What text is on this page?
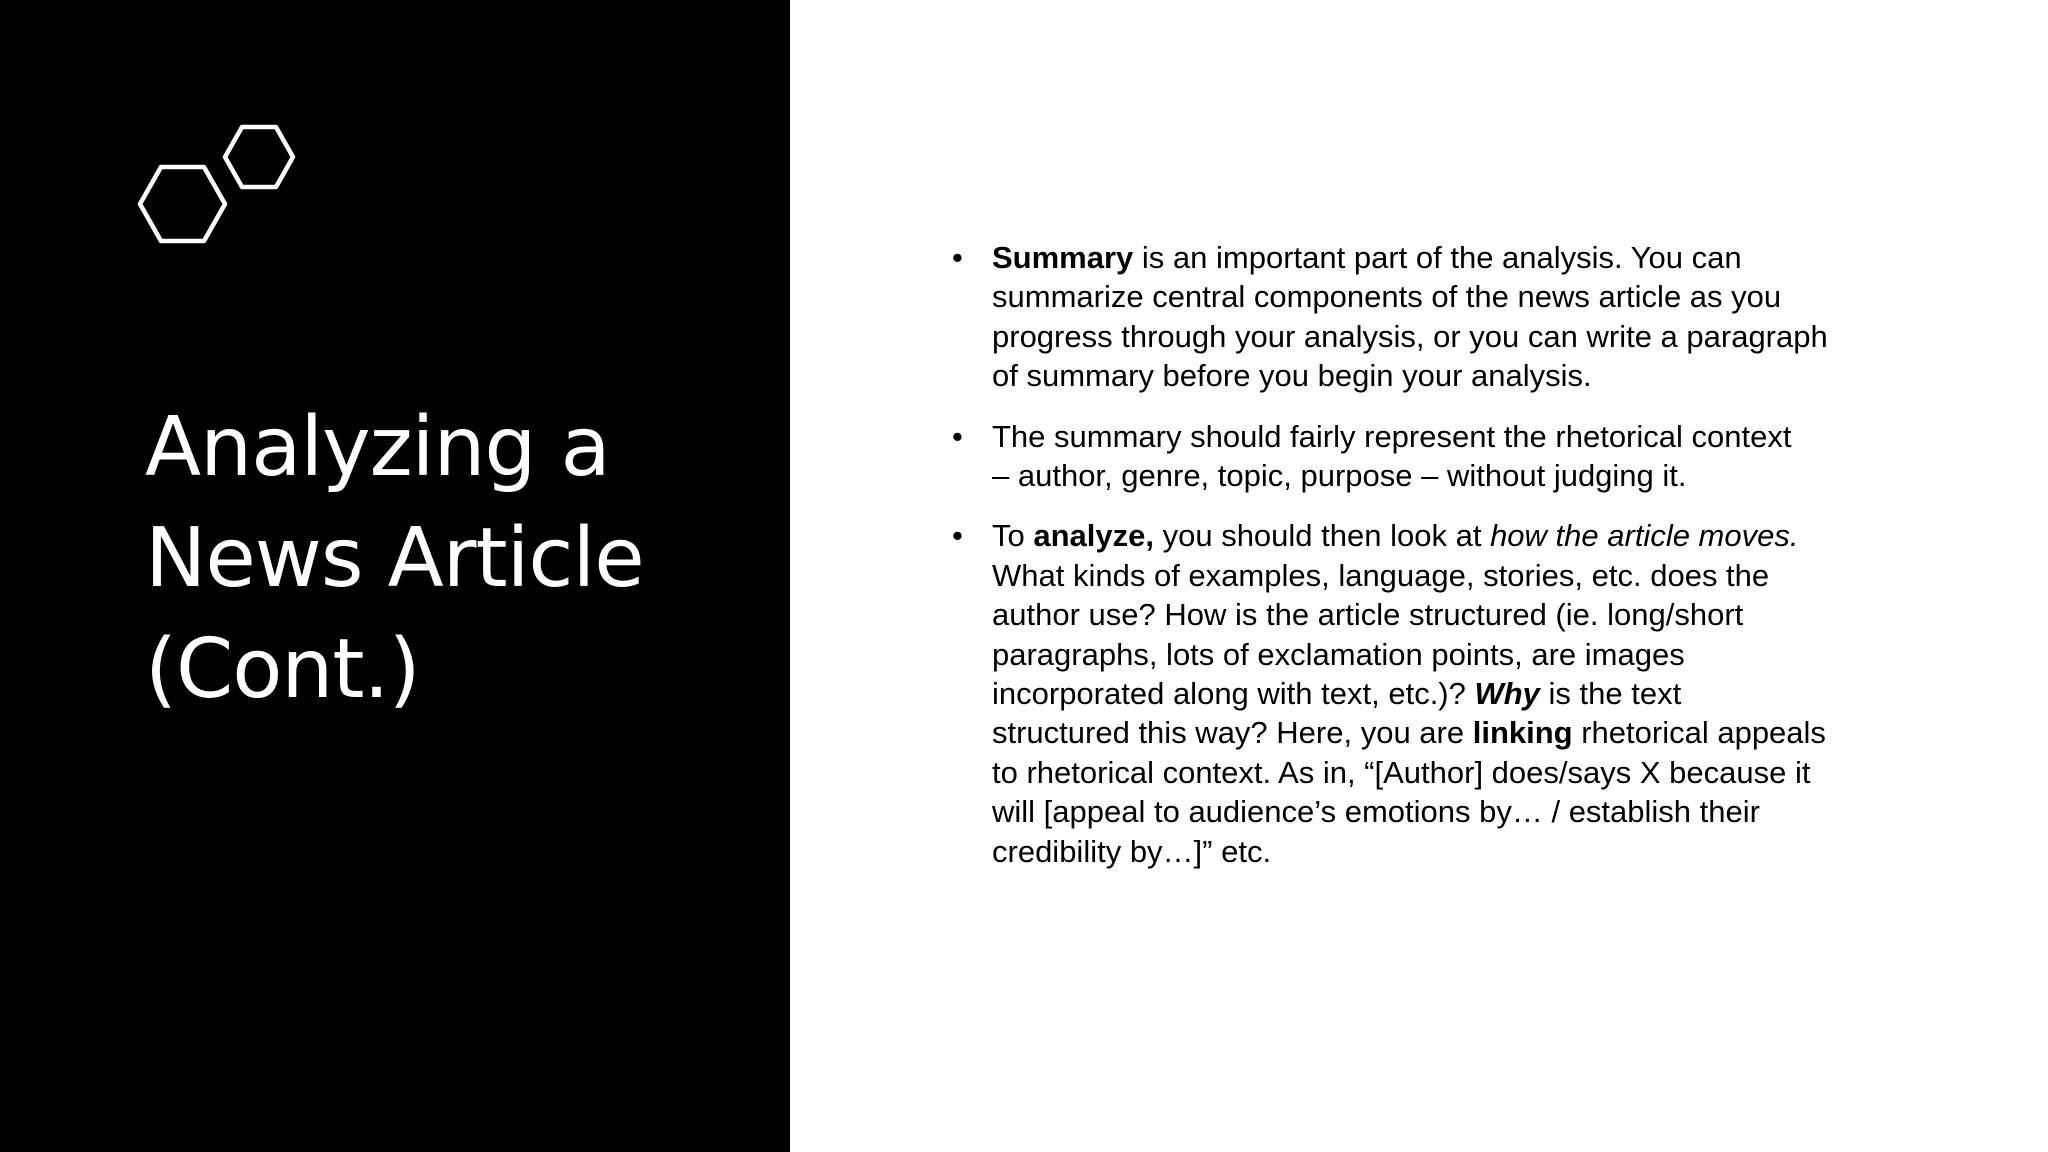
Analyzing a
News Article
(Cont.)
• Summary is an important part of the analysis. You can
summarize central components of the news article as you
progress through your analysis, or you can write a paragraph
of summary before you begin your analysis.
• The summary should fairly represent the rhetorical context
– author, genre, topic, purpose – without judging it.
• To analyze, you should then look at how the article moves.
What kinds of examples, language, stories, etc. does the
author use? How is the article structured (ie. long/short
paragraphs, lots of exclamation points, are images
incorporated along with text, etc.)? Why is the text
structured this way? Here, you are linking rhetorical appeals
to rhetorical context. As in, “[Author] does/says X because it
will [appeal to audience’s emotions by… / establish their
credibility by…]” etc.
